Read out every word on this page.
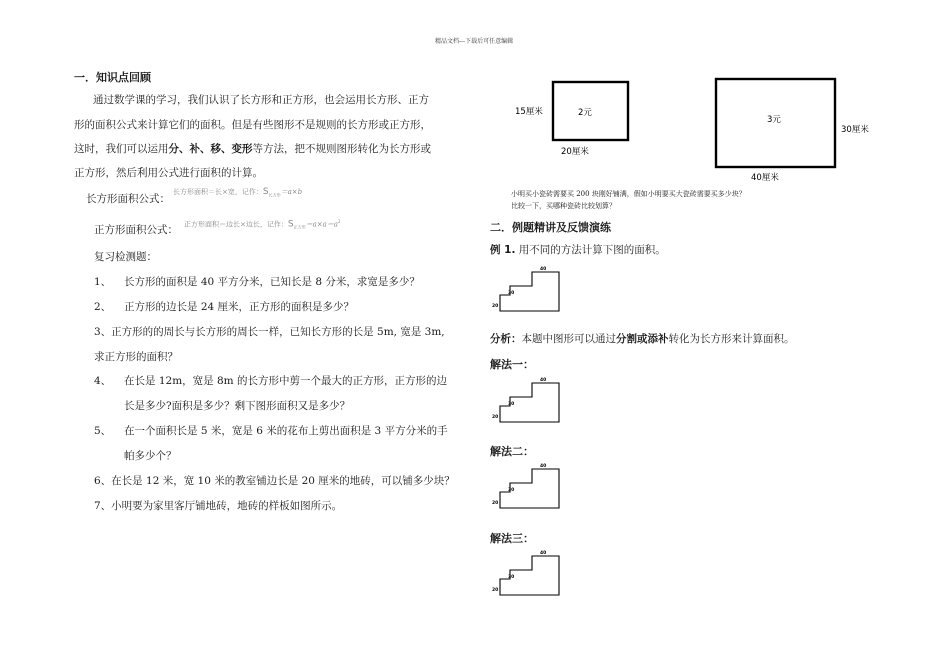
精品文档---下载后可任意编辑
一．知识点回顾
通过数学课的学习，我们认识了长方形和正方形，也会运用长方形、正方
形的面积公式来计算它们的面积。但是有些图形不是规则的长方形或正方形，
这时，我们可以运用分、补、移、变形等方法，把不规则图形转化为长方形或
正方形，然后利用公式进行面积的计算。
长方形面积公式：
长方形面积＝长×宽，记作：$S_{长方形}=a\times b$
正方形面积公式： 正方形面积＝边长×边长，记作：$S_{正方形}=a\times a=a^2$
复习检测题：
1、 长方形的面积是 40 平方分米，已知长是 8 分米，求宽是多少？
2、 正方形的边长是 24 厘米，正方形的面积是多少？
3、正方形的的周长与长方形的周长一样，已知长方形的长是 5m, 宽是 3m,
求正方形的面积？
4、 在长是 12m，宽是 8m 的长方形中剪一个最大的正方形，正方形的边
长是多少?面积是多少？剩下图形面积又是多少？
5、 在一个面积长是 5 米，宽是 6 米的花布上剪出面积是 3 平方分米的手
帕多少个？
6、在长是 12 米，宽 10 米的教室铺边长是 20 厘米的地砖，可以铺多少块？
7、小明要为家里客厅铺地砖，地砖的样板如图所示。
2元
15厘米
20厘米
3元
30厘米
40厘米
小明买小瓷砖需要买 200 块刚好铺满，假如小明要买大瓷砖需要买多少块？
比较一下，买哪种瓷砖比较划算？
二．例题精讲及反馈演练
例 1. 用不同的方法计算下图的面积。
40
30
20
分析：本题中图形可以通过分割或添补转化为长方形来计算面积。
解法一：
40
30
20
解法二：
40
30
20
解法三：
40
30
20
